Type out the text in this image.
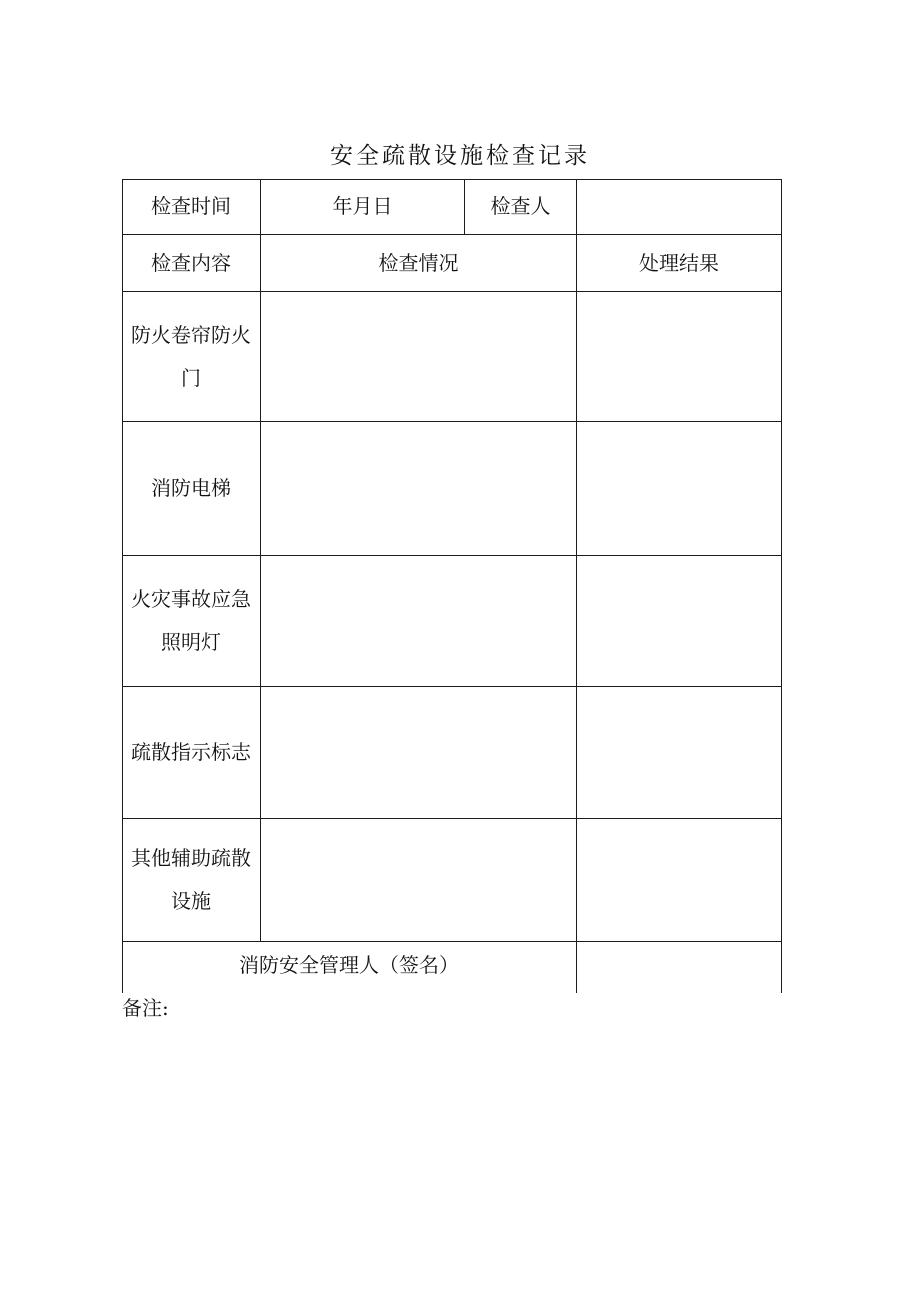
安全疏散设施检查记录
检查时间	年月日	检查人
检查内容	检查情况	处理结果
防火卷帘防火门
消防电梯
火灾事故应急照明灯
疏散指示标志
其他辅助疏散设施
消防安全管理人（签名）
备注:
